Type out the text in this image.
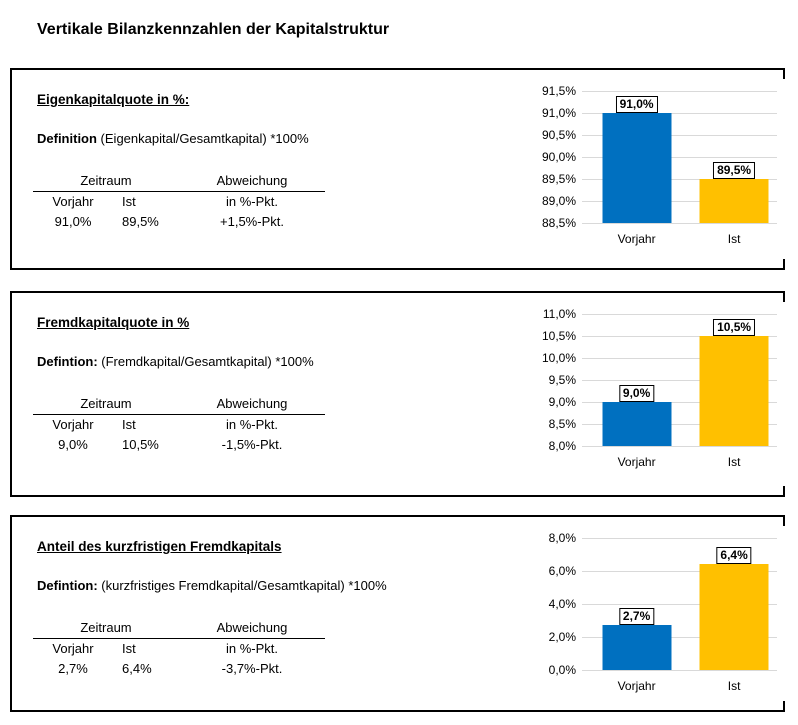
Vertikale Bilanzkennzahlen der Kapitalstruktur
Eigenkapitalquote in %:

Definition (Eigenkapital/Gesamtkapital) *100%

Zeitraum	Abweichung
Vorjahr	Ist	in %-Pkt.
91,0%	89,5%	+1,5%-Pkt.
91,5%
91,0%
90,5%
90,0%
89,5%
89,0%
88,5%
91,0%
89,5%
Vorjahr	Ist
Fremdkapitalquote in %

Defintion: (Fremdkapital/Gesamtkapital) *100%

Zeitraum	Abweichung
Vorjahr	Ist	in %-Pkt.
9,0%	10,5%	-1,5%-Pkt.
11,0%
10,5%
10,0%
9,5%
9,0%
8,5%
8,0%
9,0%
10,5%
Vorjahr	Ist
Anteil des kurzfristigen Fremdkapitals

Defintion: (kurzfristiges Fremdkapital/Gesamtkapital) *100%

Zeitraum	Abweichung
Vorjahr	Ist	in %-Pkt.
2,7%	6,4%	-3,7%-Pkt.
8,0%
6,0%
4,0%
2,0%
0,0%
2,7%
6,4%
Vorjahr	Ist
